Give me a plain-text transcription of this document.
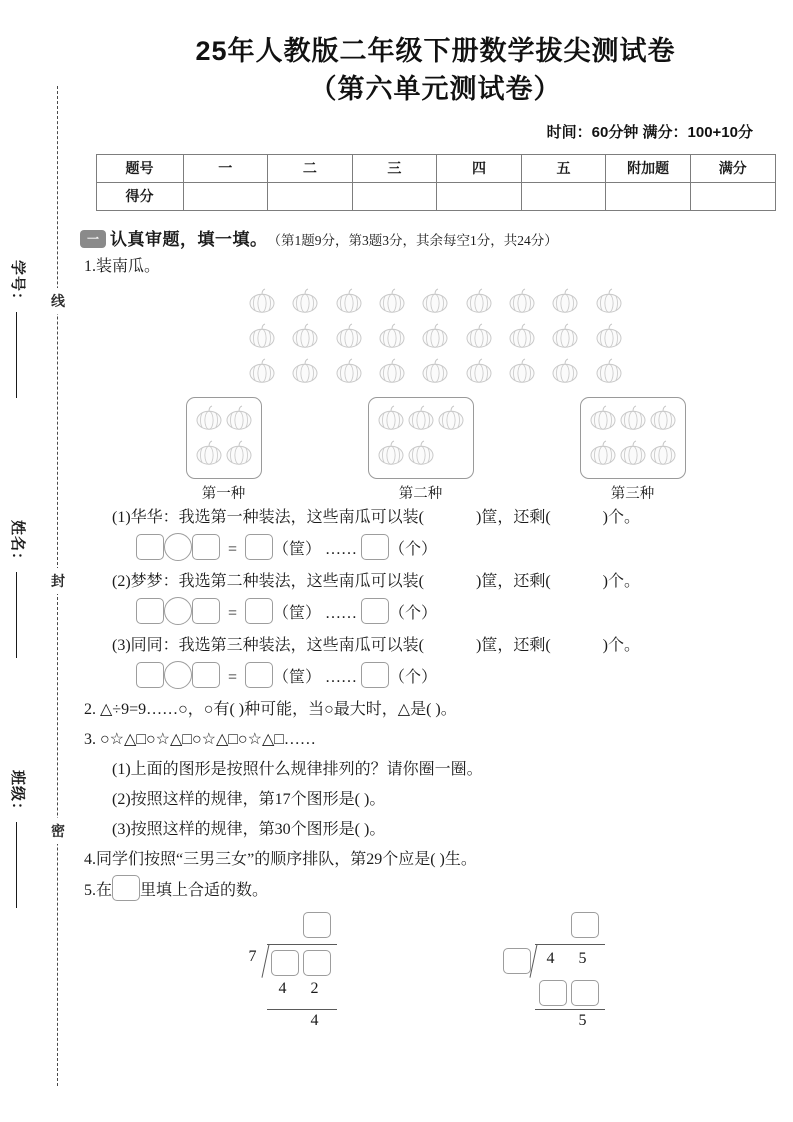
线
封
密
学号：
姓名：
班级：
25年人教版二年级下册数学拔尖测试卷
（第六单元测试卷）
时间：60分钟 满分：100+10分
题号	一	二	三	四	五	附加题	满分
得分							
一 认真审题，填一填。 （第1题9分，第3题3分，其余每空1分，共24分）
1.装南瓜。
第一种	第二种	第三种
(1)华华：我选第一种装法，这些南瓜可以装(	)筐，还剩(	)个。
= （筐） …… （个）
(2)梦梦：我选第二种装法，这些南瓜可以装(	)筐，还剩(	)个。
= （筐） …… （个）
(3)同同：我选第三种装法，这些南瓜可以装(	)筐，还剩(	)个。
= （筐） …… （个）
2. △÷9=9……○，○有( )种可能，当○最大时，△是( )。
3. ○☆△□○☆△□○☆△□○☆△□……
(1)上面的图形是按照什么规律排列的？请你圈一圈。
(2)按照这样的规律，第17个图形是( )。
(3)按照这样的规律，第30个图形是( )。
4.同学们按照“三男三女”的顺序排队，第29个应是( )生。
5.在 里填上合适的数。
7
4 2
4
4 5
5
